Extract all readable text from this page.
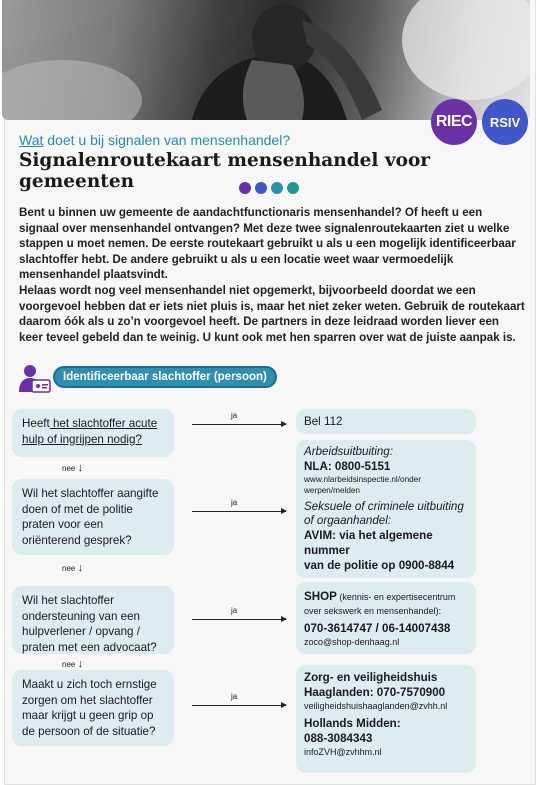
RIEC RSIV
Wat doet u bij signalen van mensenhandel?
Signalenroutekaart mensenhandel voor gemeenten

Bent u binnen uw gemeente de aandachtfunctionaris mensenhandel? Of heeft u een signaal over mensenhandel ontvangen? Met deze twee signalenroutekaarten ziet u welke stappen u moet nemen. De eerste routekaart gebruikt u als u een mogelijk identificeerbaar slachtoffer hebt. De andere gebruikt u als u een locatie weet waar vermoedelijk mensenhandel plaatsvindt.

Helaas wordt nog veel mensenhandel niet opgemerkt, bijvoorbeeld doordat we een voorgevoel hebben dat er iets niet pluis is, maar het niet zeker weten. Gebruik de routekaart daarom óók als u zo’n voorgevoel heeft. De partners in deze leidraad worden liever een keer teveel gebeld dan te weinig. U kunt ook met hen sparren over wat de juiste aanpak is.

Identificeerbaar slachtoffer (persoon)
Heeft het slachtoffer acute hulp of ingrijpen nodig?
nee ↓
Wil het slachtoffer aangifte doen of met de politie praten voor een oriënterend gesprek?
nee ↓
Wil het slachtoffer ondersteuning van een hulpverlener / opvang / praten met een advocaat?
nee ↓
Maakt u zich toch ernstige zorgen om het slachtoffer maar krijgt u geen grip op de persoon of de situatie?
ja
ja
ja
ja
Bel 112
Arbeidsuitbuiting:
NLA: 0800-5151
www.nlarbeidsinspectie.nl/onder
werpen/melden
Seksuele of criminele uitbuiting
of orgaanhandel:
AVIM: via het algemene nummer
van de politie op 0900-8844
SHOP (kennis- en expertisecentrum
over sekswerk en mensenhandel):
070-3614747 / 06-14007438
zoco@shop-denhaag.nl
Zorg- en veiligheidshuis
Haaglanden: 070-7570900
veiligheidshuishaaglanden@zvhh.nl
Hollands Midden:
088-3084343
infoZVH@zvhhm.nl
